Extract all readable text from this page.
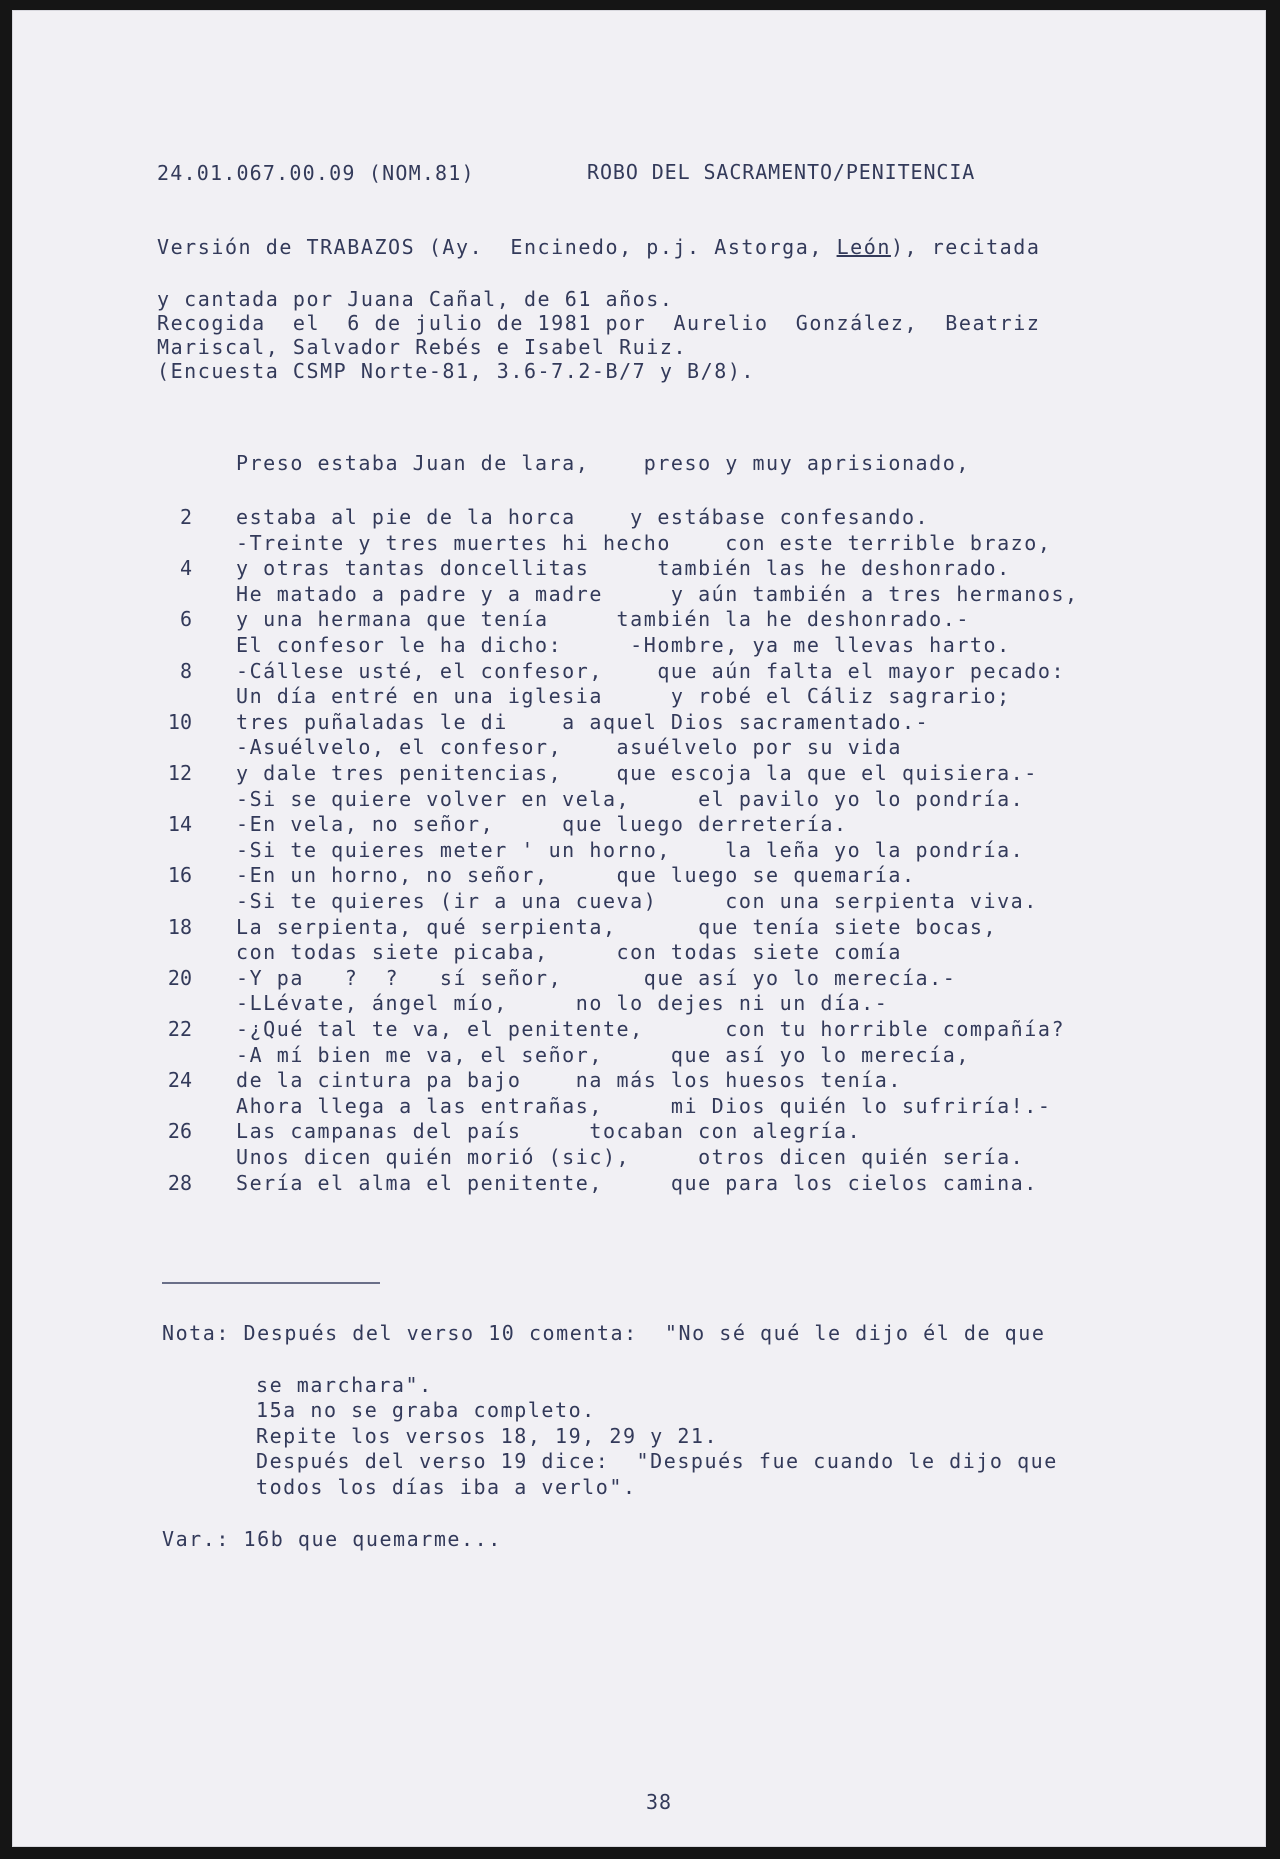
24.01.067.00.09 (NOM.81)	ROBO DEL SACRAMENTO/PENITENCIA
Versión de TRABAZOS (Ay.  Encinedo, p.j. Astorga, León), recitada
y cantada por Juana Cañal, de 61 años.
Recogida  el  6 de julio de 1981 por  Aurelio  González,  Beatriz
Mariscal, Salvador Rebés e Isabel Ruiz.
(Encuesta CSMP Norte-81, 3.6-7.2-B/7 y B/8).
Preso estaba Juan de lara,    preso y muy aprisionado,
2 estaba al pie de la horca    y estábase confesando.
-Treinte y tres muertes hi hecho    con este terrible brazo,
4 y otras tantas doncellitas     también las he deshonrado.
He matado a padre y a madre     y aún también a tres hermanos,
6 y una hermana que tenía     también la he deshonrado.-
El confesor le ha dicho:     -Hombre, ya me llevas harto.
8 -Cállese usté, el confesor,    que aún falta el mayor pecado:
Un día entré en una iglesia     y robé el Cáliz sagrario;
10 tres puñaladas le di    a aquel Dios sacramentado.-
-Asuélvelo, el confesor,    asuélvelo por su vida
12 y dale tres penitencias,    que escoja la que el quisiera.-
-Si se quiere volver en vela,     el pavilo yo lo pondría.
14 -En vela, no señor,     que luego derretería.
-Si te quieres meter ' un horno,    la leña yo la pondría.
16 -En un horno, no señor,     que luego se quemaría.
-Si te quieres (ir a una cueva)     con una serpienta viva.
18 La serpienta, qué serpienta,      que tenía siete bocas,
con todas siete picaba,     con todas siete comía
20 -Y pa   ?  ?   sí señor,      que así yo lo merecía.-
-LLévate, ángel mío,     no lo dejes ni un día.-
22 -¿Qué tal te va, el penitente,      con tu horrible compañía?
-A mí bien me va, el señor,     que así yo lo merecía,
24 de la cintura pa bajo    na más los huesos tenía.
Ahora llega a las entrañas,     mi Dios quién lo sufriría!.-
26 Las campanas del país     tocaban con alegría.
Unos dicen quién morió (sic),     otros dicen quién sería.
28 Sería el alma el penitente,     que para los cielos camina.
Nota: Después del verso 10 comenta:  "No sé qué le dijo él de que
se marchara".
15a no se graba completo.
Repite los versos 18, 19, 29 y 21.
Después del verso 19 dice:  "Después fue cuando le dijo que
todos los días iba a verlo".
Var.: 16b que quemarme...
38
